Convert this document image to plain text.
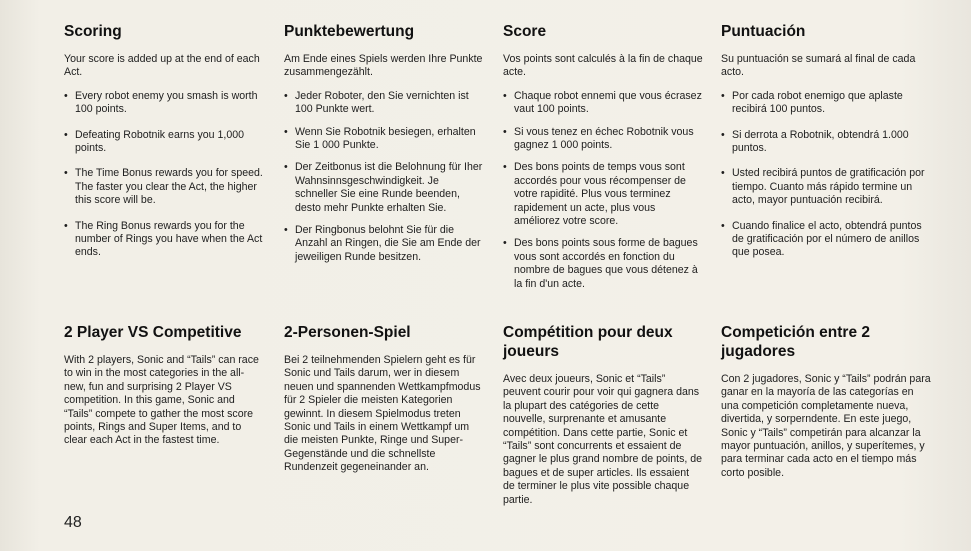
Scoring

Your score is added up at the end of each Act.

• Every robot enemy you smash is worth 100 points.
• Defeating Robotnik earns you 1,000 points.
• The Time Bonus rewards you for speed. The faster you clear the Act, the higher this score will be.
• The Ring Bonus rewards you for the number of Rings you have when the Act ends.
Punktebewertung

Am Ende eines Spiels werden Ihre Punkte zusammengezählt.

• Jeder Roboter, den Sie vernichten ist 100 Punkte wert.
• Wenn Sie Robotnik besiegen, erhalten Sie 1 000 Punkte.
• Der Zeitbonus ist die Belohnung für Iher Wahnsinnsgeschwindigkeit. Je schneller Sie eine Runde beenden, desto mehr Punkte erhalten Sie.
• Der Ringbonus belohnt Sie für die Anzahl an Ringen, die Sie am Ende der jeweiligen Runde besitzen.
Score

Vos points sont calculés à la fin de chaque acte.

• Chaque robot ennemi que vous écrasez vaut 100 points.
• Si vous tenez en échec Robotnik vous gagnez 1 000 points.
• Des bons points de temps vous sont accordés pour vous récompenser de votre rapidité. Plus vous terminez rapidement un acte, plus vous améliorez votre score.
• Des bons points sous forme de bagues vous sont accordés en fonction du nombre de bagues que vous détenez à la fin d'un acte.
Puntuación

Su puntuación se sumará al final de cada acto.

• Por cada robot enemigo que aplaste recibirá 100 puntos.
• Si derrota a Robotnik, obtendrá 1.000 puntos.
• Usted recibirá puntos de gratificación por tiempo. Cuanto más rápido termine un acto, mayor puntuación recibirá.
• Cuando finalice el acto, obtendrá puntos de gratificación por el número de anillos que posea.
2 Player VS Competitive

With 2 players, Sonic and “Tails” can race to win in the most categories in the all-new, fun and surprising 2 Player VS competition. In this game, Sonic and “Tails” compete to gather the most score points, Rings and Super Items, and to clear each Act in the fastest time.

2-Personen-Spiel

Bei 2 teilnehmenden Spielern geht es für Sonic und Tails darum, wer in diesem neuen und spannenden Wettkampfmodus für 2 Spieler die meisten Kategorien gewinnt. In diesem Spielmodus treten Sonic und Tails in einem Wettkampf um die meisten Punkte, Ringe und Super-Gegenstände und die schnellste Rundenzeit gegeneinander an.

Compétition pour deux joueurs

Avec deux joueurs, Sonic et “Tails” peuvent courir pour voir qui gagnera dans la plupart des catégories de cette nouvelle, surprenante et amusante compétition. Dans cette partie, Sonic et “Tails” sont concurrents et essaient de gagner le plus grand nombre de points, de bagues et de super articles. Ils essaient de terminer le plus vite possible chaque partie.

Competición entre 2 jugadores

Con 2 jugadores, Sonic y “Tails” podrán para ganar en la mayoría de las categorías en una competición completamente nueva, divertida, y sorperndente. En este juego, Sonic y “Tails” competirán para alcanzar la mayor puntuación, anillos, y superítemes, y para terminar cada acto en el tiempo más corto posible.

48
